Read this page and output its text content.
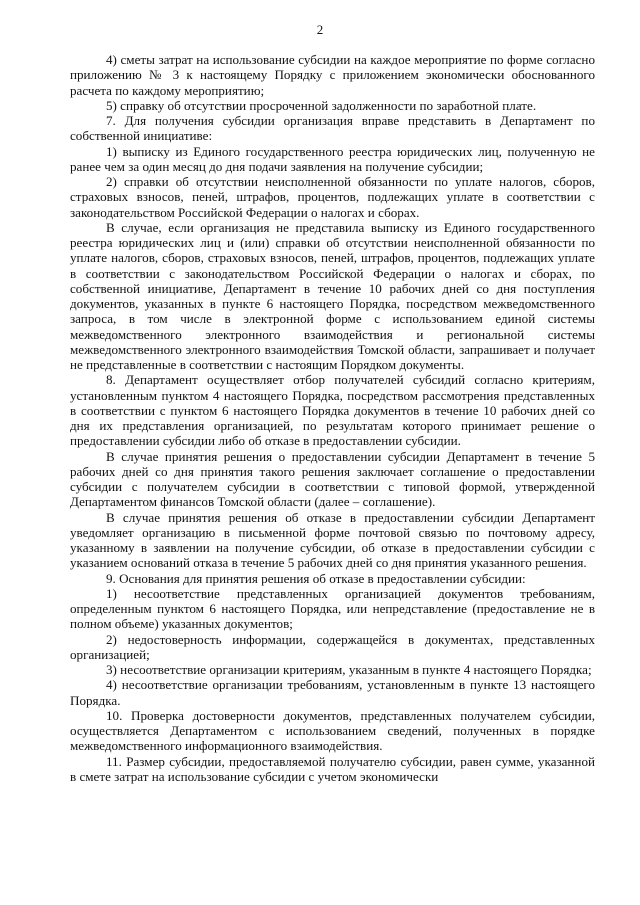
2

4) сметы затрат на использование субсидии на каждое мероприятие по форме согласно приложению № 3 к настоящему Порядку с приложением экономически обоснованного расчета по каждому мероприятию;

5) справку об отсутствии просроченной задолженности по заработной плате.

7. Для получения субсидии организация вправе представить в Департамент по собственной инициативе:

1) выписку из Единого государственного реестра юридических лиц, полученную не ранее чем за один месяц до дня подачи заявления на получение субсидии;

2) справки об отсутствии неисполненной обязанности по уплате налогов, сборов, страховых взносов, пеней, штрафов, процентов, подлежащих уплате в соответствии с законодательством Российской Федерации о налогах и сборах.

В случае, если организация не представила выписку из Единого государственного реестра юридических лиц и (или) справки об отсутствии неисполненной обязанности по уплате налогов, сборов, страховых взносов, пеней, штрафов, процентов, подлежащих уплате в соответствии с законодательством Российской Федерации о налогах и сборах, по собственной инициативе, Департамент в течение 10 рабочих дней со дня поступления документов, указанных в пункте 6 настоящего Порядка, посредством межведомственного запроса, в том числе в электронной форме с использованием единой системы межведомственного электронного взаимодействия и региональной системы межведомственного электронного взаимодействия Томской области, запрашивает и получает не представленные в соответствии с настоящим Порядком документы.

8. Департамент осуществляет отбор получателей субсидий согласно критериям, установленным пунктом 4 настоящего Порядка, посредством рассмотрения представленных в соответствии с пунктом 6 настоящего Порядка документов в течение 10 рабочих дней со дня их представления организацией, по результатам которого принимает решение о предоставлении субсидии либо об отказе в предоставлении субсидии.

В случае принятия решения о предоставлении субсидии Департамент в течение 5 рабочих дней со дня принятия такого решения заключает соглашение о предоставлении субсидии с получателем субсидии в соответствии с типовой формой, утвержденной Департаментом финансов Томской области (далее – соглашение).

В случае принятия решения об отказе в предоставлении субсидии Департамент уведомляет организацию в письменной форме почтовой связью по почтовому адресу, указанному в заявлении на получение субсидии, об отказе в предоставлении субсидии с указанием оснований отказа в течение 5 рабочих дней со дня принятия указанного решения.

9. Основания для принятия решения об отказе в предоставлении субсидии:

1) несоответствие представленных организацией документов требованиям, определенным пунктом 6 настоящего Порядка, или непредставление (предоставление не в полном объеме) указанных документов;

2) недостоверность информации, содержащейся в документах, представленных организацией;

3) несоответствие организации критериям, указанным в пункте 4 настоящего Порядка;

4) несоответствие организации требованиям, установленным в пункте 13 настоящего Порядка.

10. Проверка достоверности документов, представленных получателем субсидии, осуществляется Департаментом с использованием сведений, полученных в порядке межведомственного информационного взаимодействия.

11. Размер субсидии, предоставляемой получателю субсидии, равен сумме, указанной в смете затрат на использование субсидии с учетом экономически
